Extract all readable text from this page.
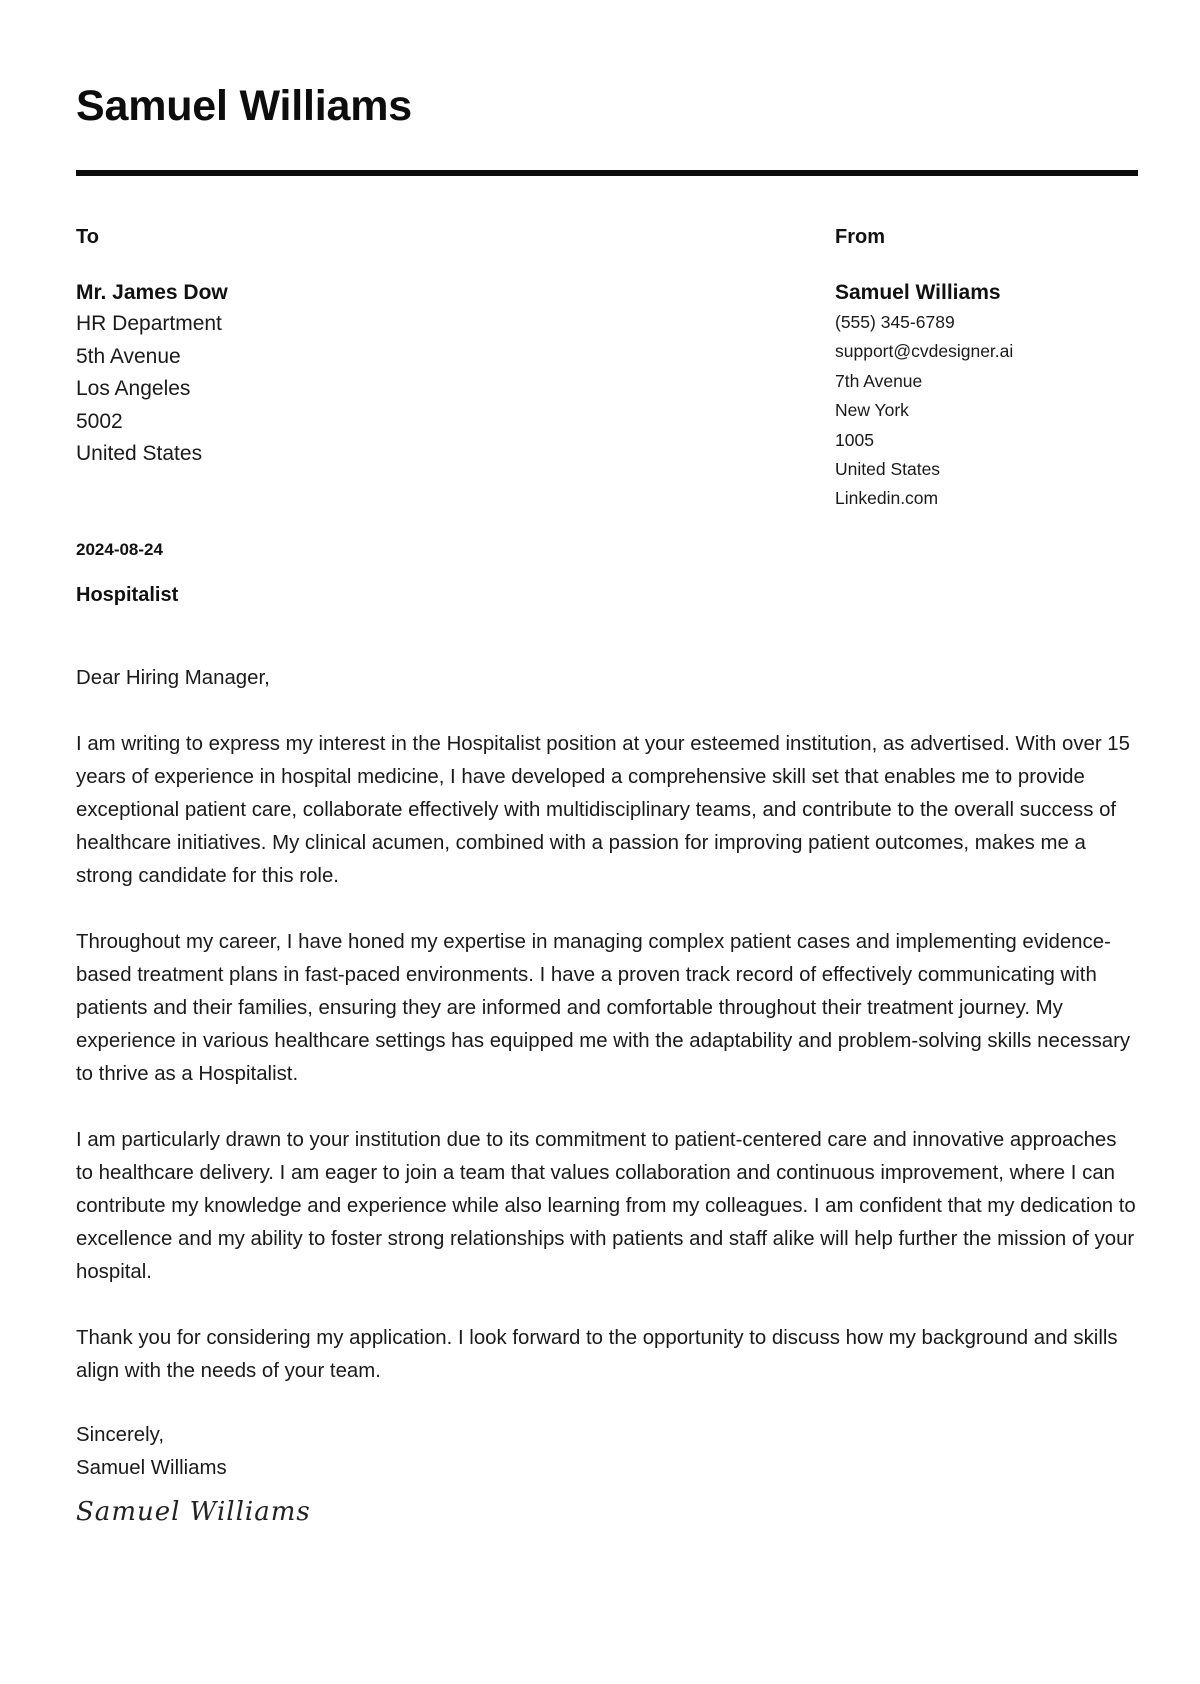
Samuel Williams
To
Mr. James Dow
HR Department
5th Avenue
Los Angeles
5002
United States
From
Samuel Williams
(555) 345-6789
support@cvdesigner.ai
7th Avenue
New York
1005
United States
Linkedin.com
2024-08-24
Hospitalist

Dear Hiring Manager,

I am writing to express my interest in the Hospitalist position at your esteemed institution, as advertised. With over 15 years of experience in hospital medicine, I have developed a comprehensive skill set that enables me to provide exceptional patient care, collaborate effectively with multidisciplinary teams, and contribute to the overall success of healthcare initiatives. My clinical acumen, combined with a passion for improving patient outcomes, makes me a strong candidate for this role.

Throughout my career, I have honed my expertise in managing complex patient cases and implementing evidence-based treatment plans in fast-paced environments. I have a proven track record of effectively communicating with patients and their families, ensuring they are informed and comfortable throughout their treatment journey. My experience in various healthcare settings has equipped me with the adaptability and problem-solving skills necessary to thrive as a Hospitalist.

I am particularly drawn to your institution due to its commitment to patient-centered care and innovative approaches to healthcare delivery. I am eager to join a team that values collaboration and continuous improvement, where I can contribute my knowledge and experience while also learning from my colleagues. I am confident that my dedication to excellence and my ability to foster strong relationships with patients and staff alike will help further the mission of your hospital.

Thank you for considering my application. I look forward to the opportunity to discuss how my background and skills align with the needs of your team.

Sincerely,
Samuel Williams
Samuel Williams
